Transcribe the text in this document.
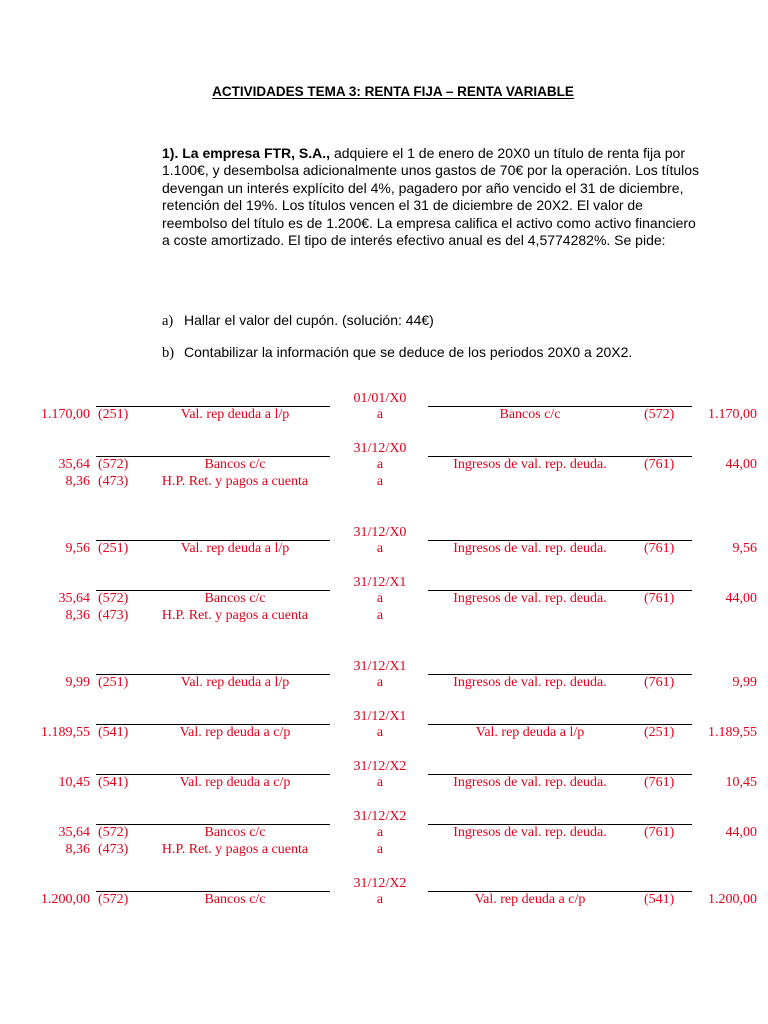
ACTIVIDADES TEMA 3: RENTA FIJA – RENTA VARIABLE
1). La empresa FTR, S.A., adquiere el 1 de enero de 20X0 un título de renta fija por 1.100€, y desembolsa adicionalmente unos gastos de 70€ por la operación. Los títulos devengan un interés explícito del 4%, pagadero por año vencido el 31 de diciembre, retención del 19%. Los títulos vencen el 31 de diciembre de 20X2. El valor de reembolso del título es de 1.200€. La empresa califica el activo como activo financiero a coste amortizado. El tipo de interés efectivo anual es del 4,5774282%. Se pide:
a) Hallar el valor del cupón. (solución: 44€)
b) Contabilizar la información que se deduce de los periodos 20X0 a 20X2.
01/01/X0
1.170,00 (251)	Val. rep deuda a l/p	a	Bancos c/c	(572) 1.170,00
31/12/X0
35,64 (572)	Bancos c/c	a	Ingresos de val. rep. deuda.	(761)	44,00
8,36 (473)	H.P. Ret. y pagos a cuenta	a
31/12/X0
9,56 (251)	Val. rep deuda a l/p	a	Ingresos de val. rep. deuda.	(761)	9,56
31/12/X1
35,64 (572)	Bancos c/c	a	Ingresos de val. rep. deuda.	(761)	44,00
8,36 (473)	H.P. Ret. y pagos a cuenta	a
31/12/X1
9,99 (251)	Val. rep deuda a l/p	a	Ingresos de val. rep. deuda.	(761)	9,99
31/12/X1
1.189,55 (541)	Val. rep deuda a c/p	a	Val. rep deuda a l/p	(251) 1.189,55
31/12/X2
10,45 (541)	Val. rep deuda a c/p	a	Ingresos de val. rep. deuda.	(761)	10,45
31/12/X2
35,64 (572)	Bancos c/c	a	Ingresos de val. rep. deuda.	(761)	44,00
8,36 (473)	H.P. Ret. y pagos a cuenta	a
31/12/X2
1.200,00 (572)	Bancos c/c	a	Val. rep deuda a c/p	(541) 1.200,00
